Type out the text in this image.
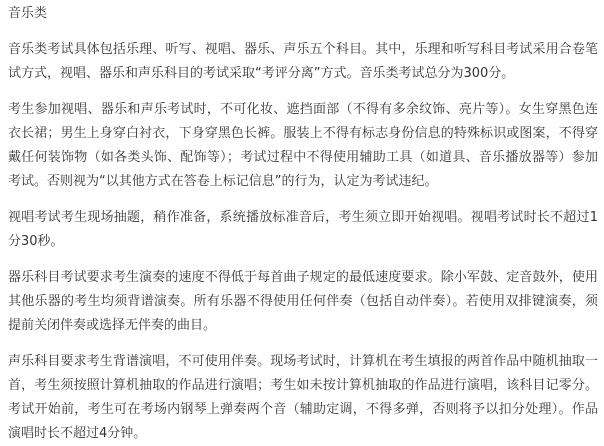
音乐类

音乐类考试具体包括乐理、听写、视唱、器乐、声乐五个科目。其中，乐理和听写科目考试采用合卷笔试方式，视唱、器乐和声乐科目的考试采取“考评分离”方式。音乐类考试总分为300分。

考生参加视唱、器乐和声乐考试时，不可化妆、遮挡面部（不得有多余纹饰、亮片等）。女生穿黑色连衣长裙；男生上身穿白衬衣，下身穿黑色长裤。服装上不得有标志身份信息的特殊标识或图案，不得穿戴任何装饰物（如各类头饰、配饰等）；考试过程中不得使用辅助工具（如道具、音乐播放器等）参加考试。否则视为“以其他方式在答卷上标记信息”的行为，认定为考试违纪。

视唱考试考生现场抽题，稍作准备，系统播放标准音后，考生须立即开始视唱。视唱考试时长不超过1分30秒。

器乐科目考试要求考生演奏的速度不得低于每首曲子规定的最低速度要求。除小军鼓、定音鼓外，使用其他乐器的考生均须背谱演奏。所有乐器不得使用任何伴奏（包括自动伴奏）。若使用双排键演奏，须提前关闭伴奏或选择无伴奏的曲目。

声乐科目要求考生背谱演唱，不可使用伴奏。现场考试时，计算机在考生填报的两首作品中随机抽取一首，考生须按照计算机抽取的作品进行演唱；考生如未按计算机抽取的作品进行演唱，该科目记零分。考试开始前，考生可在考场内钢琴上弹奏两个音（辅助定调，不得多弹，否则将予以扣分处理）。作品演唱时长不超过4分钟。
